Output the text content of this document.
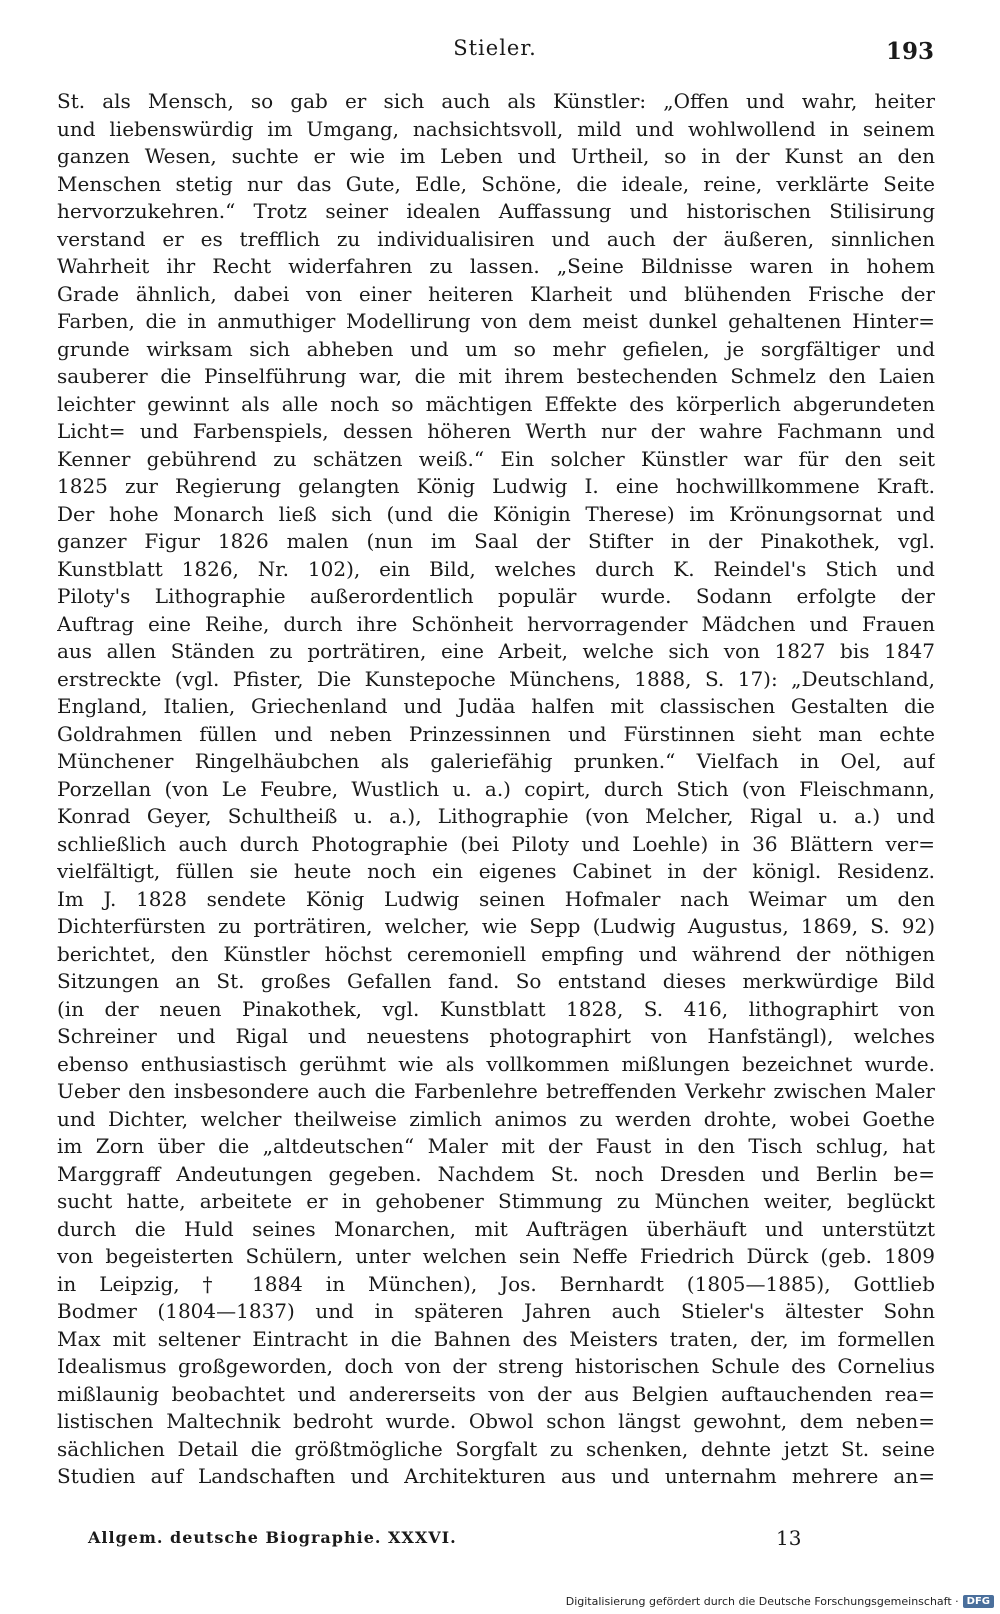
Stieler.	193
St. als Mensch, so gab er sich auch als Künstler: „Offen und wahr, heiter
und liebenswürdig im Umgang, nachsichtsvoll, mild und wohlwollend in seinem
ganzen Wesen, suchte er wie im Leben und Urtheil, so in der Kunst an den
Menschen stetig nur das Gute, Edle, Schöne, die ideale, reine, verklärte Seite
hervorzukehren.“ Trotz seiner idealen Auffassung und historischen Stilisirung
verstand er es trefflich zu individualisiren und auch der äußeren, sinnlichen
Wahrheit ihr Recht widerfahren zu lassen. „Seine Bildnisse waren in hohem
Grade ähnlich, dabei von einer heiteren Klarheit und blühenden Frische der
Farben, die in anmuthiger Modellirung von dem meist dunkel gehaltenen Hinter=
grunde wirksam sich abheben und um so mehr gefielen, je sorgfältiger und
sauberer die Pinselführung war, die mit ihrem bestechenden Schmelz den Laien
leichter gewinnt als alle noch so mächtigen Effekte des körperlich abgerundeten
Licht= und Farbenspiels, dessen höheren Werth nur der wahre Fachmann und
Kenner gebührend zu schätzen weiß.“ Ein solcher Künstler war für den seit
1825 zur Regierung gelangten König Ludwig I. eine hochwillkommene Kraft.
Der hohe Monarch ließ sich (und die Königin Therese) im Krönungsornat und
ganzer Figur 1826 malen (nun im Saal der Stifter in der Pinakothek, vgl.
Kunstblatt 1826, Nr. 102), ein Bild, welches durch K. Reindel's Stich und
Piloty's Lithographie außerordentlich populär wurde. Sodann erfolgte der
Auftrag eine Reihe, durch ihre Schönheit hervorragender Mädchen und Frauen
aus allen Ständen zu porträtiren, eine Arbeit, welche sich von 1827 bis 1847
erstreckte (vgl. Pfister, Die Kunstepoche Münchens, 1888, S. 17): „Deutschland,
England, Italien, Griechenland und Judäa halfen mit classischen Gestalten die
Goldrahmen füllen und neben Prinzessinnen und Fürstinnen sieht man echte
Münchener Ringelhäubchen als galeriefähig prunken.“ Vielfach in Oel, auf
Porzellan (von Le Feubre, Wustlich u. a.) copirt, durch Stich (von Fleischmann,
Konrad Geyer, Schultheiß u. a.), Lithographie (von Melcher, Rigal u. a.) und
schließlich auch durch Photographie (bei Piloty und Loehle) in 36 Blättern ver=
vielfältigt, füllen sie heute noch ein eigenes Cabinet in der königl. Residenz.
Im J. 1828 sendete König Ludwig seinen Hofmaler nach Weimar um den
Dichterfürsten zu porträtiren, welcher, wie Sepp (Ludwig Augustus, 1869, S. 92)
berichtet, den Künstler höchst ceremoniell empfing und während der nöthigen
Sitzungen an St. großes Gefallen fand. So entstand dieses merkwürdige Bild
(in der neuen Pinakothek, vgl. Kunstblatt 1828, S. 416, lithographirt von
Schreiner und Rigal und neuestens photographirt von Hanfstängl), welches
ebenso enthusiastisch gerühmt wie als vollkommen mißlungen bezeichnet wurde.
Ueber den insbesondere auch die Farbenlehre betreffenden Verkehr zwischen Maler
und Dichter, welcher theilweise zimlich animos zu werden drohte, wobei Goethe
im Zorn über die „altdeutschen“ Maler mit der Faust in den Tisch schlug, hat
Marggraff Andeutungen gegeben. Nachdem St. noch Dresden und Berlin be=
sucht hatte, arbeitete er in gehobener Stimmung zu München weiter, beglückt
durch die Huld seines Monarchen, mit Aufträgen überhäuft und unterstützt
von begeisterten Schülern, unter welchen sein Neffe Friedrich Dürck (geb. 1809
in Leipzig, † 1884 in München), Jos. Bernhardt (1805—1885), Gottlieb
Bodmer (1804—1837) und in späteren Jahren auch Stieler's ältester Sohn
Max mit seltener Eintracht in die Bahnen des Meisters traten, der, im formellen
Idealismus großgeworden, doch von der streng historischen Schule des Cornelius
mißlaunig beobachtet und andererseits von der aus Belgien auftauchenden rea=
listischen Maltechnik bedroht wurde. Obwol schon längst gewohnt, dem neben=
sächlichen Detail die größtmögliche Sorgfalt zu schenken, dehnte jetzt St. seine
Studien auf Landschaften und Architekturen aus und unternahm mehrere an=
Allgem. deutsche Biographie. XXXVI.	13
Digitalisierung gefördert durch die Deutsche Forschungsgemeinschaft · DFG
